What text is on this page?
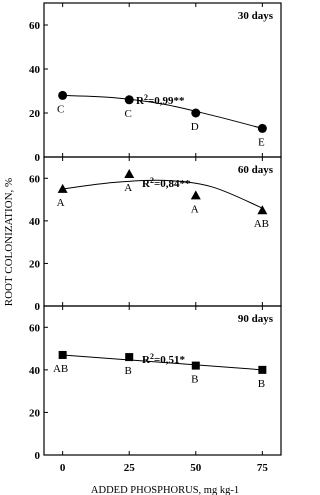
0
20
40
60
30 days
C	C
D
E
$R^2=0,99**$
0
20
40
60
60 days
A
A
A
AB
$R^2=0,84**$
0
20
40
60
90 days
AB	B
B	B
$R^2=0,51*$
0	25	50	75
ROOT COLONIZATION, %
ADDED PHOSPHORUS, mg kg-1
